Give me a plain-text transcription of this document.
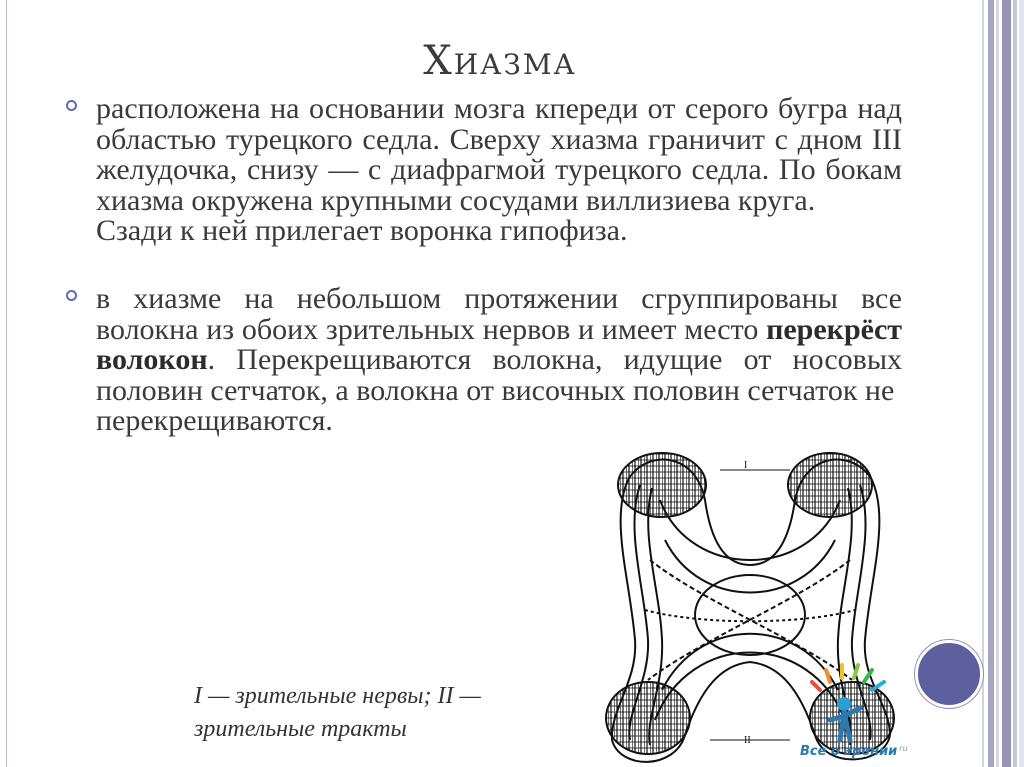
Хиазма
расположена на основании мозга кпереди от серого бугра над областью турецкого седла. Сверху хиазма граничит с дном III желудочка, снизу — с диафрагмой турецкого седла. По бокам хиазма окружена крупными сосудами виллизиева круга.
Сзади к ней прилегает воронка гипофиза.
в хиазме на небольшом протяжении сгруппированы все волокна из обоих зрительных нервов и имеет место перекрёст волокон. Перекрещиваются волокна, идущие от носовых половин сетчаток, а волокна от височных половин сетчаток не
перекрещиваются.
I — зрительные нервы; II —
зрительные тракты
I
II
Все о зрении $^{ru}$
